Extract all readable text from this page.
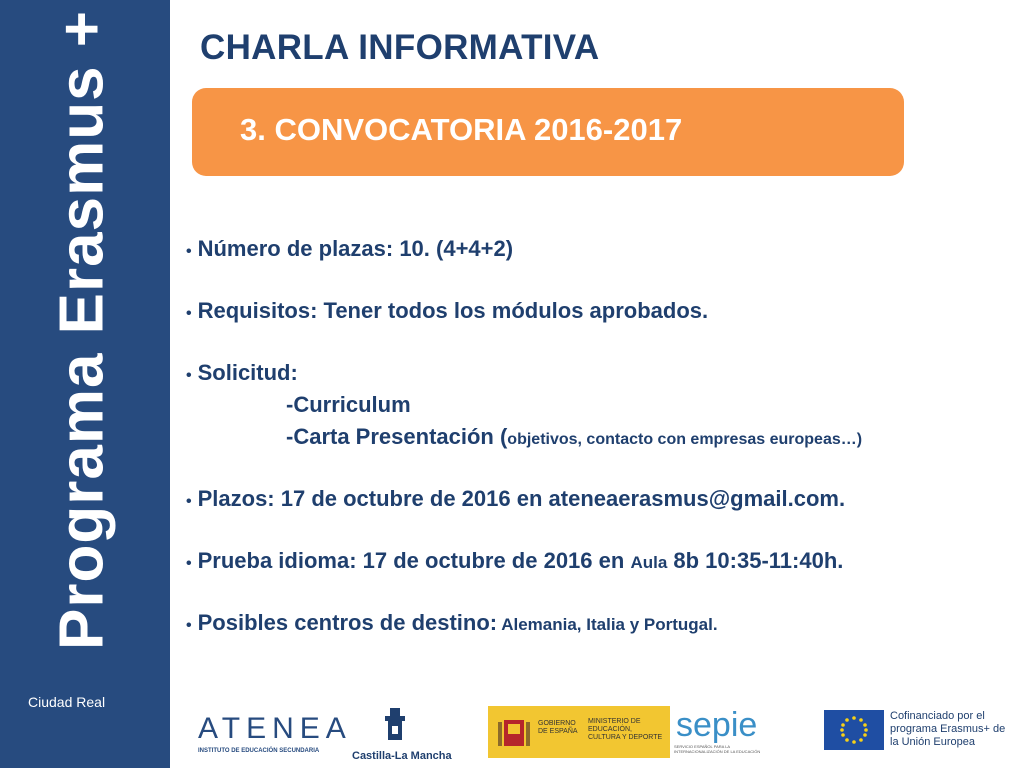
Programa Erasmus +
Ciudad Real
CHARLA INFORMATIVA
3. CONVOCATORIA 2016-2017
• Número de plazas: 10. (4+4+2)
• Requisitos: Tener todos los módulos aprobados.
• Solicitud:
-Curriculum
-Carta Presentación (objetivos, contacto con empresas europeas…)
• Plazos: 17 de octubre de 2016 en ateneaerasmus@gmail.com.
• Prueba idioma: 17 de octubre de 2016 en Aula 8b 10:35-11:40h.
• Posibles centros de destino: Alemania, Italia y Portugal.
ATENEA
INSTITUTO DE EDUCACIÓN SECUNDARIA	Castilla-La Mancha
GOBIERNO DE ESPAÑA
MINISTERIO DE EDUCACIÓN, CULTURA Y DEPORTE sepie
SERVICIO ESPAÑOL PARA LA INTERNACIONALIZACIÓN DE LA EDUCACIÓN
Cofinanciado por el programa Erasmus+ de la Unión Europea
